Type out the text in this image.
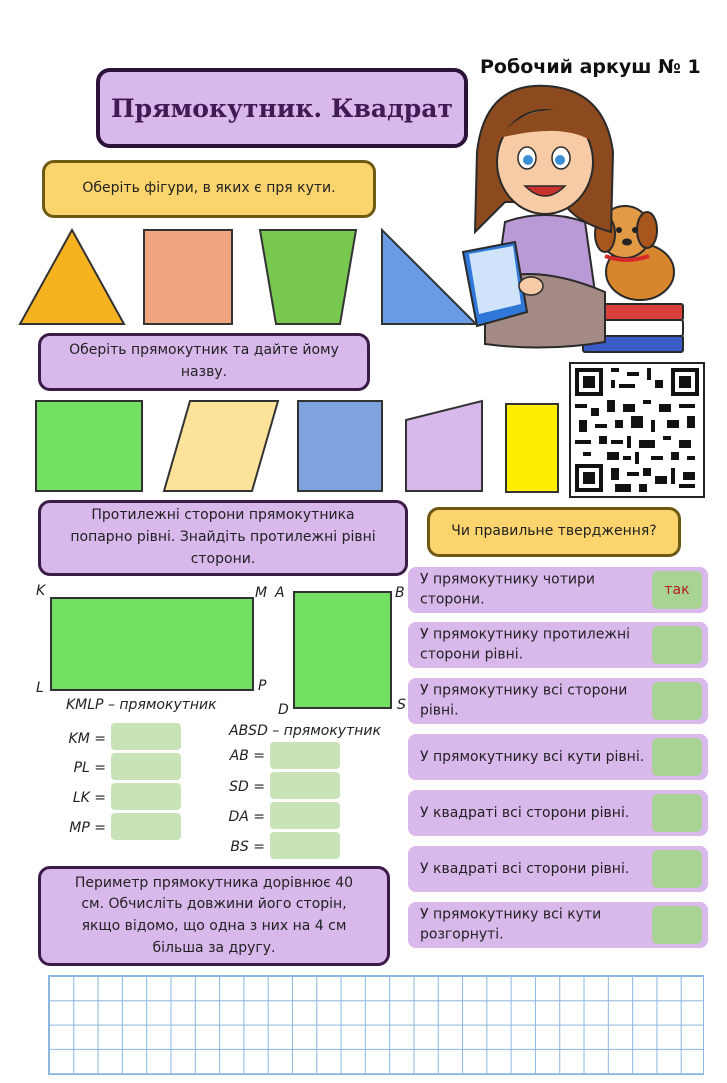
Робочий аркуш № 1
Прямокутник. Квадрат
Оберіть фігури, в яких є пря кути.
Оберіть прямокутник та дайте йому назву.
Протилежні сторони прямокутника попарно рівні. Знайдіть протилежні рівні сторони.
K	M
L	P
KMLP – прямокутник
A	B
D	S
ABSD – прямокутник
KM =
PL =
LK =
MP =
AB =
SD =
DA =
BS =
Чи правильне твердження?
У прямокутнику чотири сторони.
так
У прямокутнику протилежні сторони рівні.
У прямокутнику всі сторони рівні.
У прямокутнику всі кути рівні.
У квадраті всі сторони рівні.
У квадраті всі сторони рівні.
У прямокутнику всі кути розгорнуті.
Периметр прямокутника дорівнює 40 см. Обчисліть довжини його сторін, якщо відомо, що одна з них на 4 см більша за другу.
